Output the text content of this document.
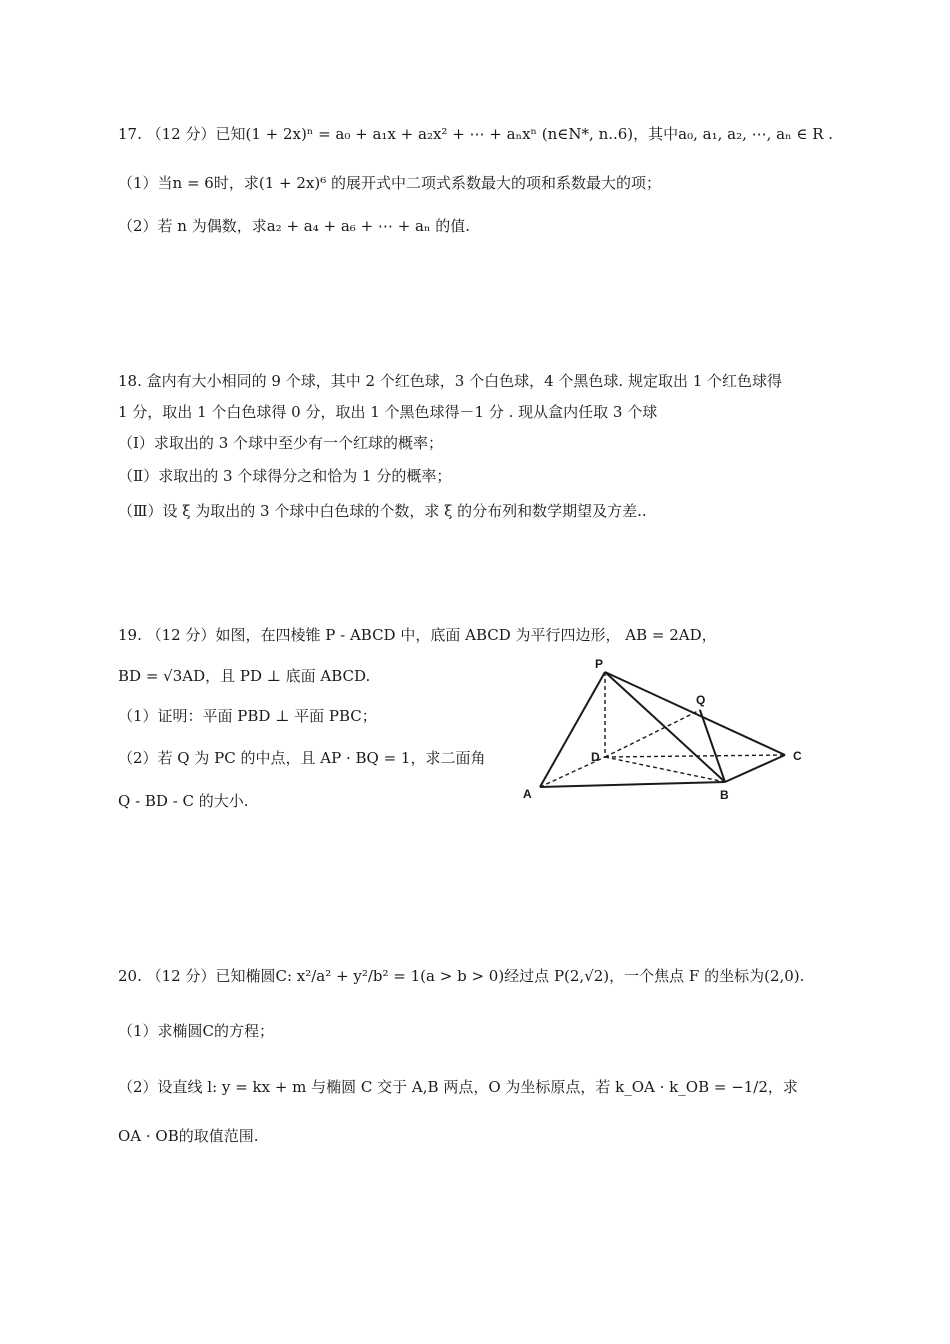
17. （12 分）已知(1 + 2x)ⁿ = a₀ + a₁x + a₂x² + ⋯ + aₙxⁿ (n∈N*, n..6)，其中a₀, a₁, a₂, ⋯, aₙ ∈ R .
（1）当n = 6时，求(1 + 2x)⁶ 的展开式中二项式系数最大的项和系数最大的项；
（2）若 n 为偶数，求a₂ + a₄ + a₆ + ⋯ + aₙ 的值.
18. 盒内有大小相同的 9 个球，其中 2 个红色球，3 个白色球，4 个黑色球. 规定取出 1 个红色球得
1 分，取出 1 个白色球得 0 分，取出 1 个黑色球得－1 分 . 现从盒内任取 3 个球
（Ⅰ）求取出的 3 个球中至少有一个红球的概率；
（Ⅱ）求取出的 3 个球得分之和恰为 1 分的概率；
（Ⅲ）设 ξ 为取出的 3 个球中白色球的个数，求 ξ 的分布列和数学期望及方差..
19. （12 分）如图，在四棱锥 P - ABCD 中，底面 ABCD 为平行四边形， AB = 2AD，
BD = √3AD，且 PD ⊥ 底面 ABCD.
（1）证明：平面 PBD ⊥ 平面 PBC；
（2）若 Q 为 PC 的中点，且 AP · BQ = 1，求二面角
Q - BD - C 的大小.
P
Q
D	C
A	B
20. （12 分）已知椭圆C: x²/a² + y²/b² = 1(a > b > 0)经过点 P(2,√2)，一个焦点 F 的坐标为(2,0).
（1）求椭圆C的方程；
（2）设直线 l: y = kx + m 与椭圆 C 交于 A,B 两点，O 为坐标原点，若 k_OA · k_OB = −1/2，求
OA · OB的取值范围.
